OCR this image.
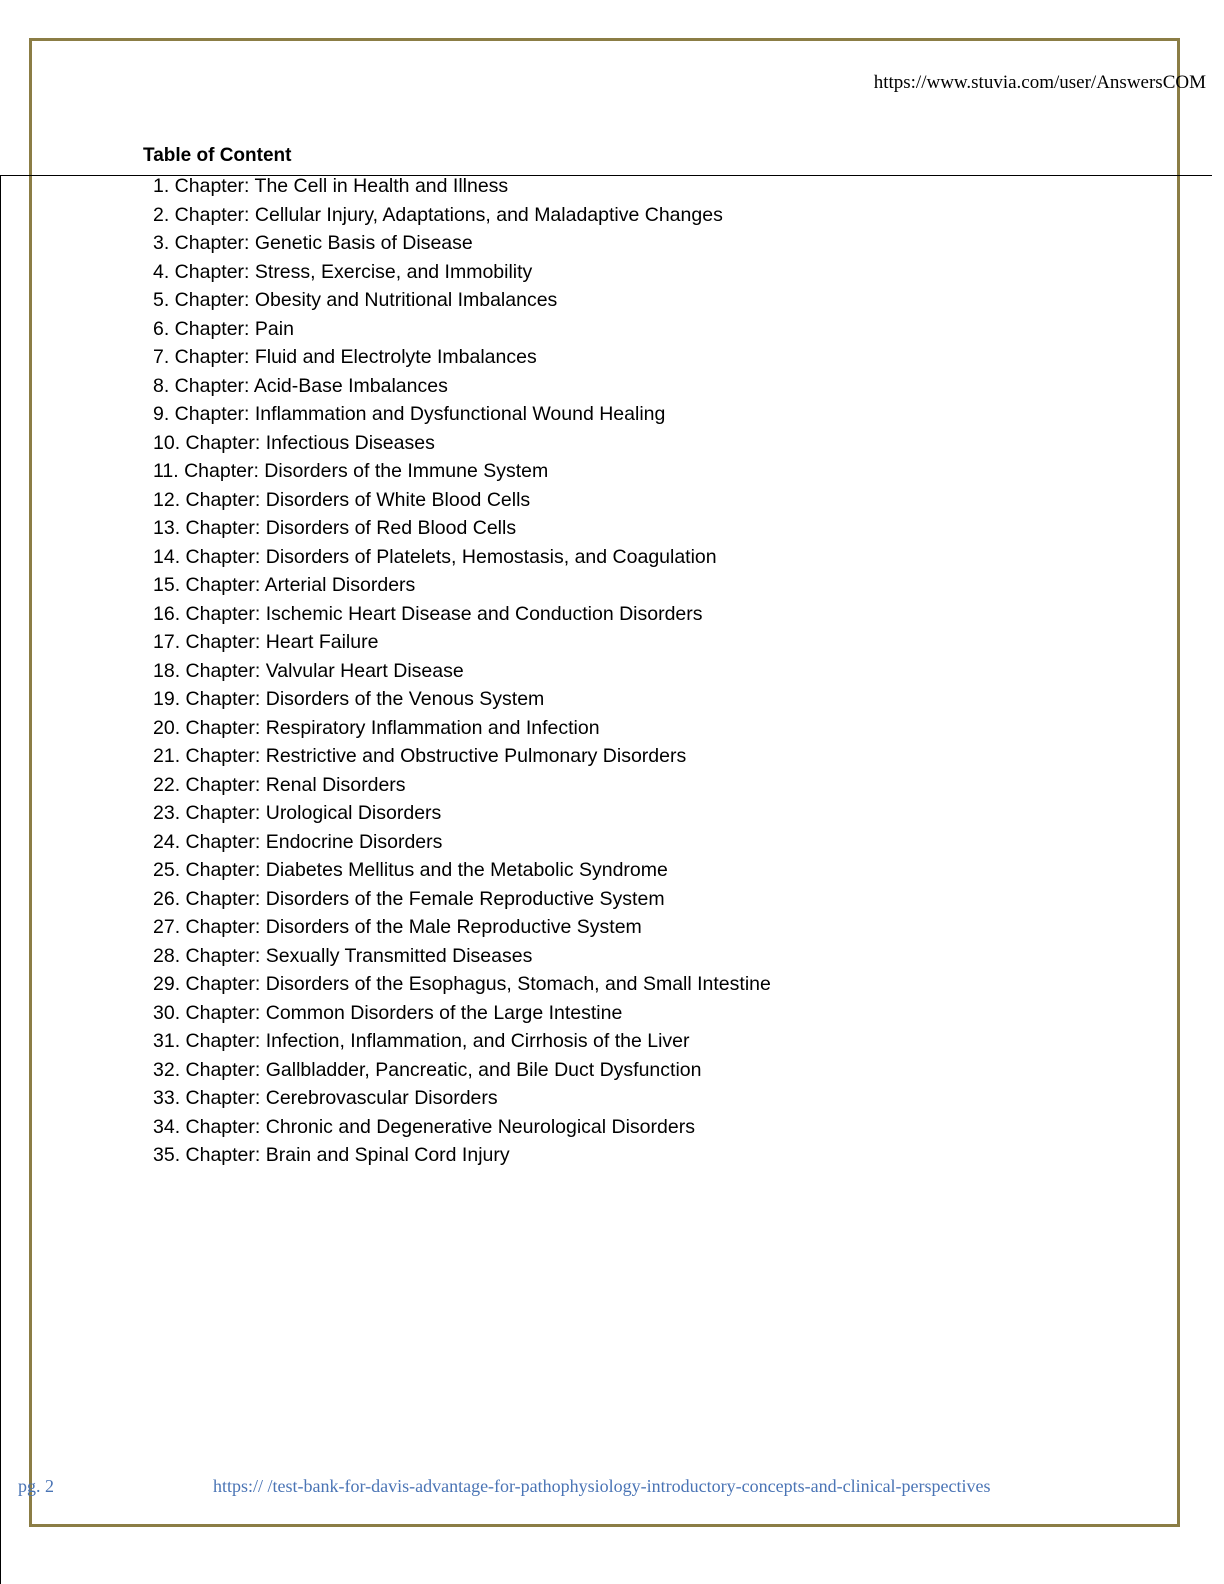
https://www.stuvia.com/user/AnswersCOM
Table of Content
1. Chapter: The Cell in Health and Illness
2. Chapter: Cellular Injury, Adaptations, and Maladaptive Changes
3. Chapter: Genetic Basis of Disease
4. Chapter: Stress, Exercise, and Immobility
5. Chapter: Obesity and Nutritional Imbalances
6. Chapter: Pain
7. Chapter: Fluid and Electrolyte Imbalances
8. Chapter: Acid-Base Imbalances
9. Chapter: Inflammation and Dysfunctional Wound Healing
10. Chapter: Infectious Diseases
11. Chapter: Disorders of the Immune System
12. Chapter: Disorders of White Blood Cells
13. Chapter: Disorders of Red Blood Cells
14. Chapter: Disorders of Platelets, Hemostasis, and Coagulation
15. Chapter: Arterial Disorders
16. Chapter: Ischemic Heart Disease and Conduction Disorders
17. Chapter: Heart Failure
18. Chapter: Valvular Heart Disease
19. Chapter: Disorders of the Venous System
20. Chapter: Respiratory Inflammation and Infection
21. Chapter: Restrictive and Obstructive Pulmonary Disorders
22. Chapter: Renal Disorders
23. Chapter: Urological Disorders
24. Chapter: Endocrine Disorders
25. Chapter: Diabetes Mellitus and the Metabolic Syndrome
26. Chapter: Disorders of the Female Reproductive System
27. Chapter: Disorders of the Male Reproductive System
28. Chapter: Sexually Transmitted Diseases
29. Chapter: Disorders of the Esophagus, Stomach, and Small Intestine
30. Chapter: Common Disorders of the Large Intestine
31. Chapter: Infection, Inflammation, and Cirrhosis of the Liver
32. Chapter: Gallbladder, Pancreatic, and Bile Duct Dysfunction
33. Chapter: Cerebrovascular Disorders
34. Chapter: Chronic and Degenerative Neurological Disorders
35. Chapter: Brain and Spinal Cord Injury
pg. 2	https:// /test-bank-for-davis-advantage-for-pathophysiology-introductory-concepts-and-clinical-perspectives
